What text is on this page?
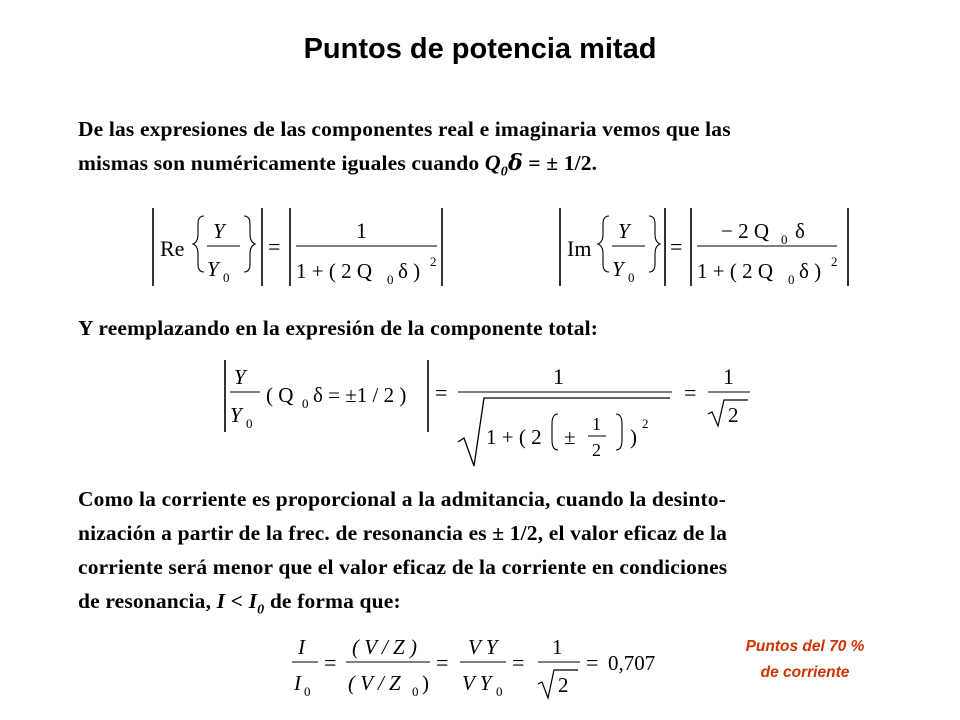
Puntos de potencia mitad
De las expresiones de las componentes real e imaginaria vemos que las
mismas son numéricamente iguales cuando $Q_0\delta$ = ± 1/2.
Re
Y
Y 0
=
1
1 + ( 2 Q 0 δ ) 2
Im
Y
Y 0
=
− 2 Q 0 δ
1 + ( 2 Q 0 δ ) 2
Y reemplazando en la expresión de la componente total:
Y
Y 0
( Q 0 δ = ±1 / 2 ) =
1
1 + ( 2 ±
1
2
)
2
=
1
2
Como la corriente es proporcional a la admitancia, cuando la desinto-
nización a partir de la frec. de resonancia es ± 1/2, el valor eficaz de la
corriente será menor que el valor eficaz de la corriente en condiciones
de resonancia, $I < I_0$ de forma que:
I
I 0
=
( V / Z )
( V / Z 0 )
=
V Y
V Y 0
=
1
2
= 0,707
Puntos del 70 %
de corriente
